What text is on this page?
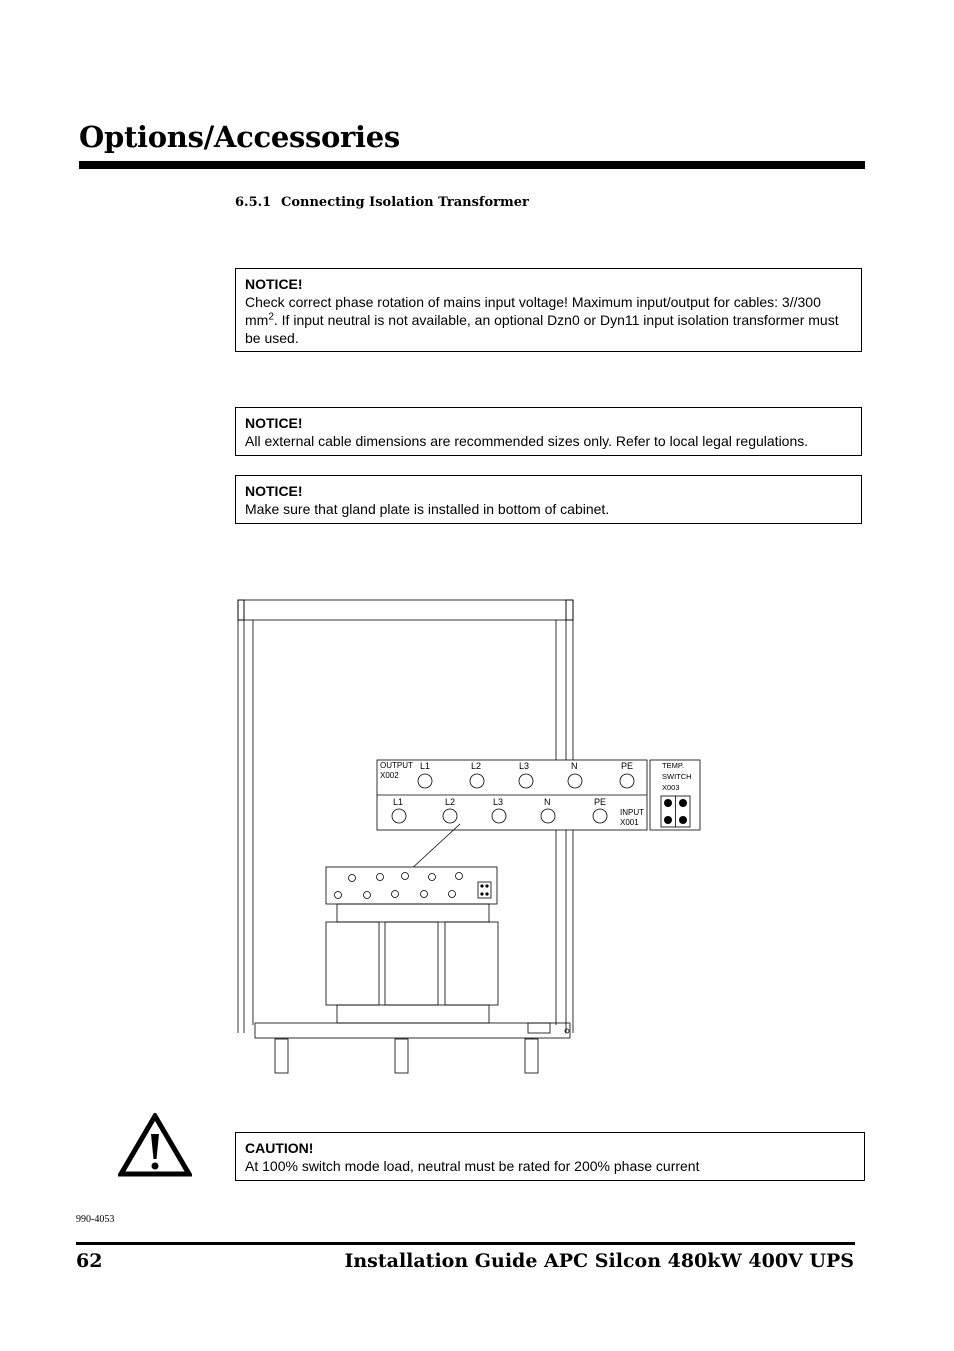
Options/Accessories
6.5.1 Connecting Isolation Transformer
NOTICE!
Check correct phase rotation of mains input voltage! Maximum input/output for cables: 3//300 $mm^2$. If input neutral is not available, an optional Dzn0 or Dyn11 input isolation transformer must be used.
NOTICE!
All external cable dimensions are recommended sizes only. Refer to local legal regulations.
NOTICE!
Make sure that gland plate is installed in bottom of cabinet.
OUTPUT
X002
INPUT
X001
L1	L2	L3	N	PE
L1	L2	L3	N	PE
TEMP.
SWITCH
X003
CAUTION!
At 100% switch mode load, neutral must be rated for 200% phase current
990-4053
62	Installation Guide APC Silcon 480kW 400V UPS
